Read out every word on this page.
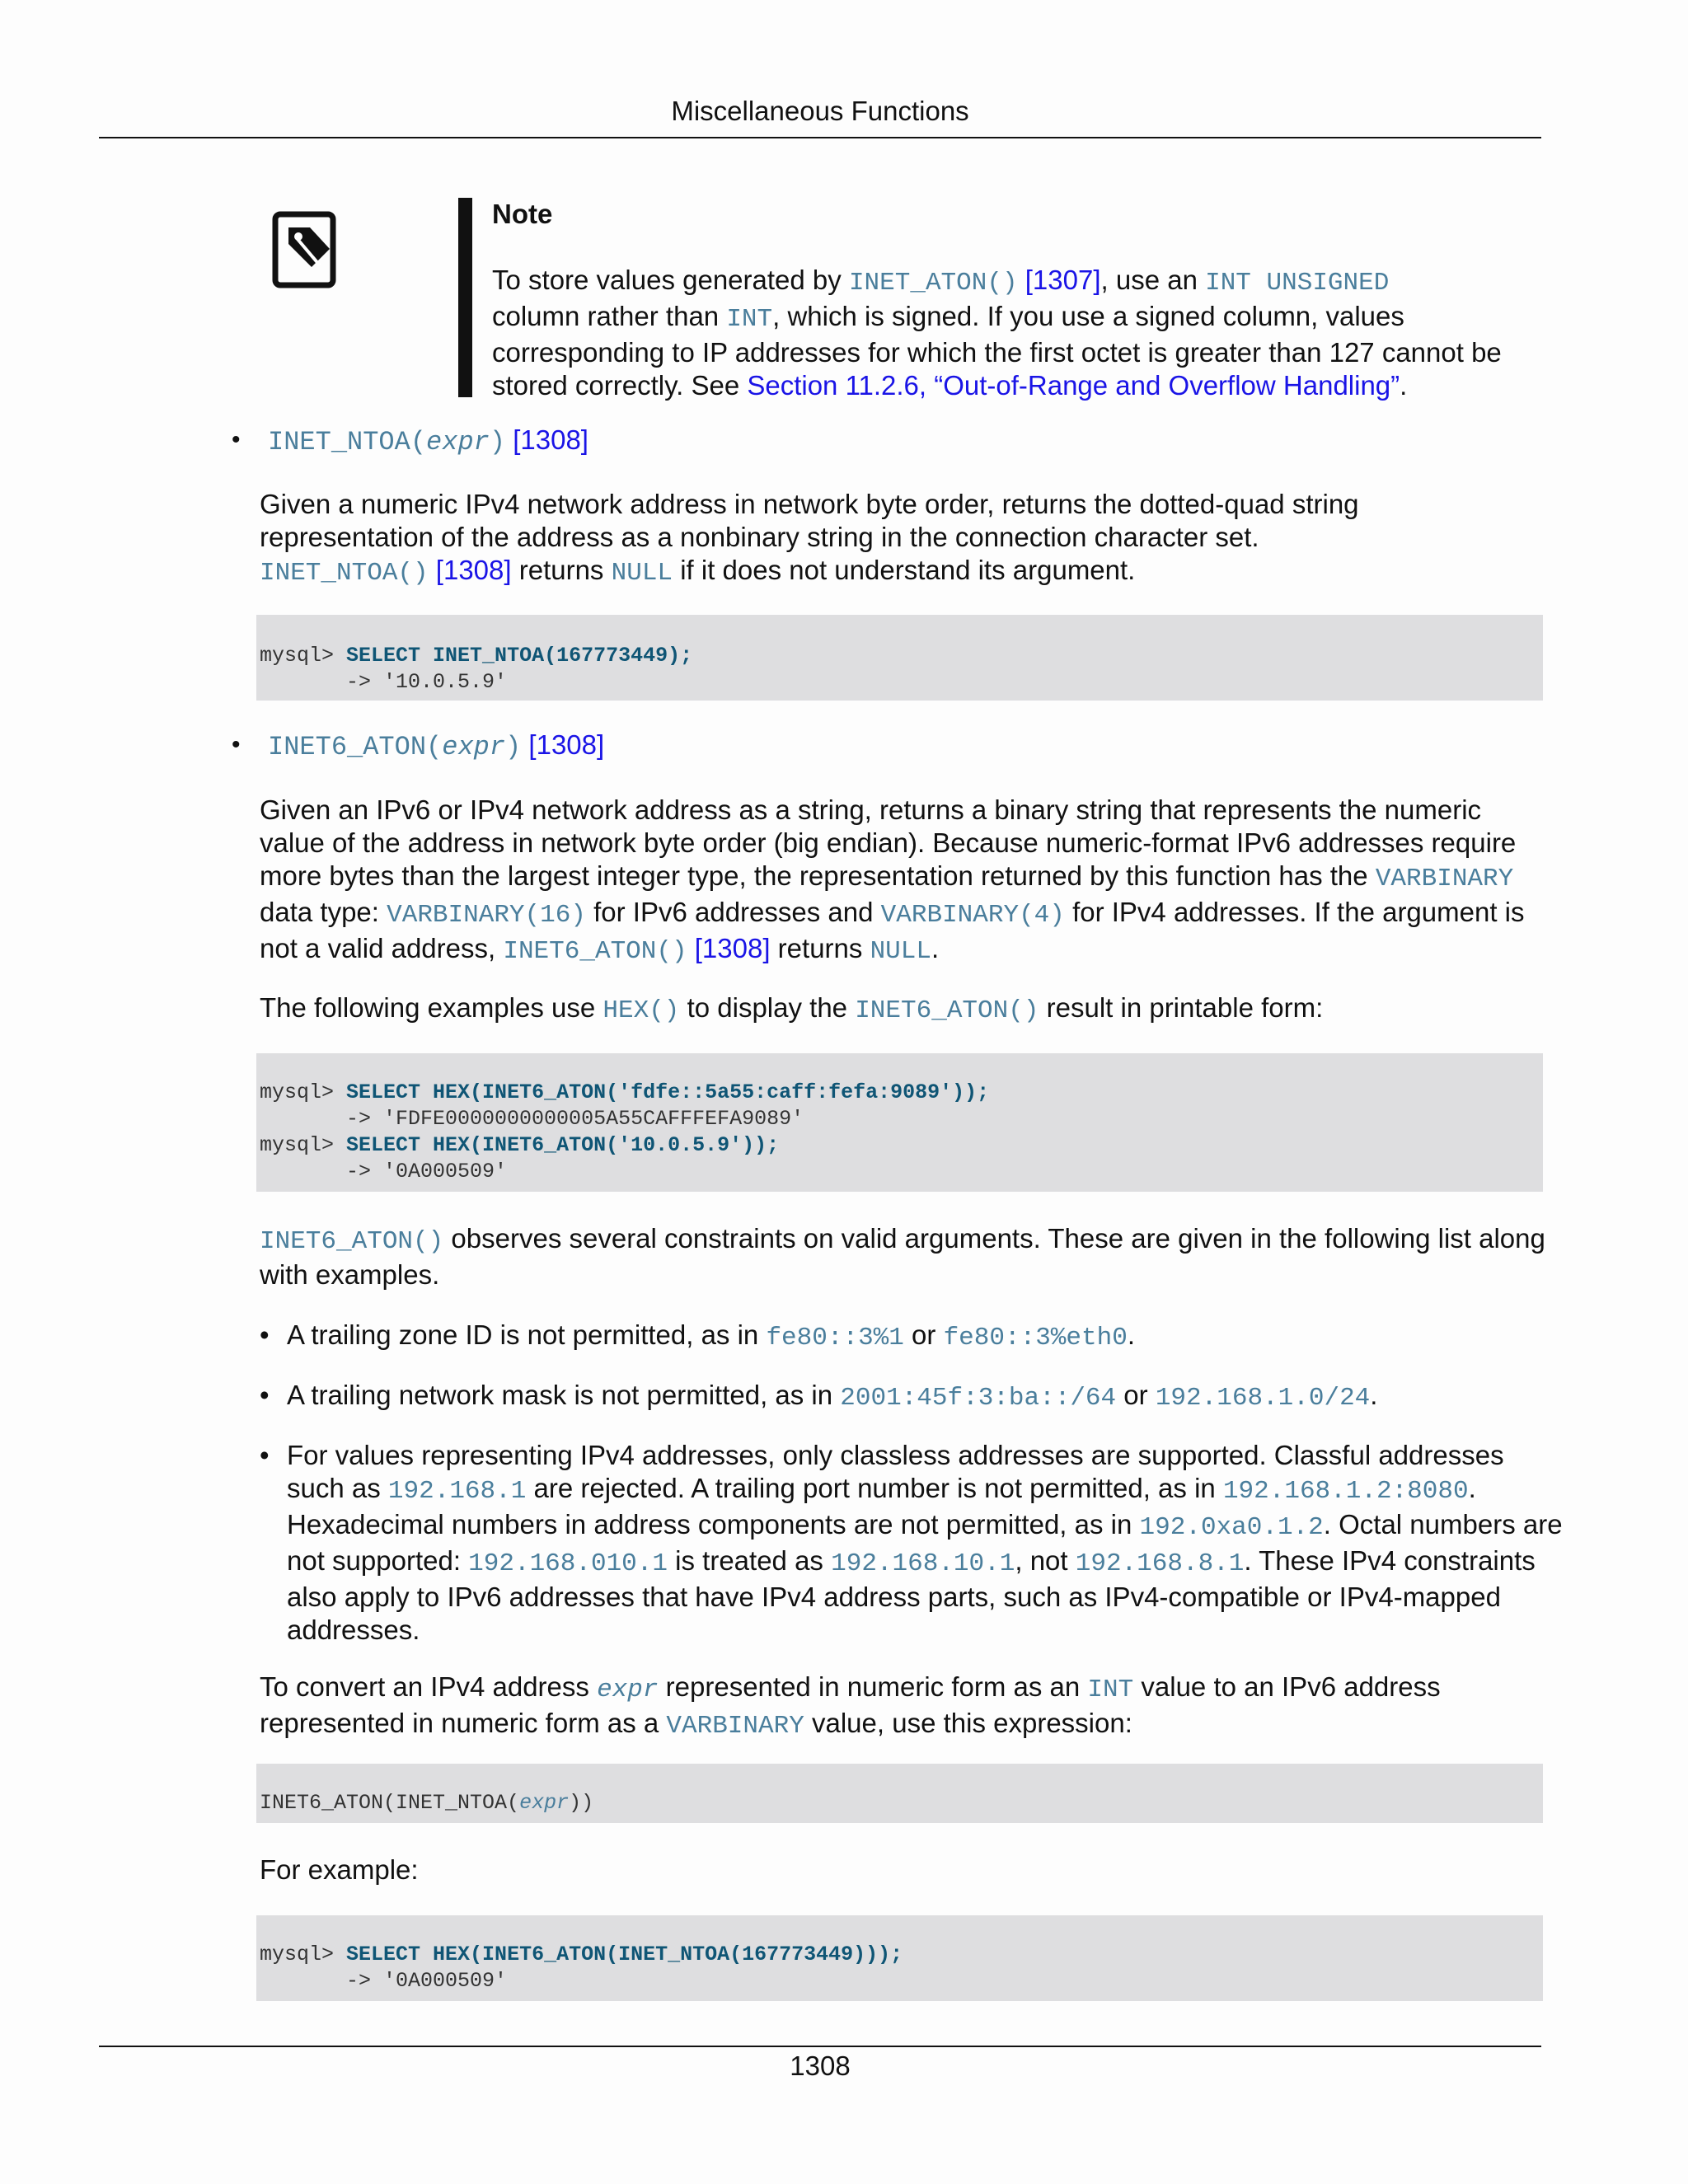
Miscellaneous Functions
Note
To store values generated by INET_ATON() [1307], use an INT UNSIGNED
column rather than INT, which is signed. If you use a signed column, values corresponding to IP addresses for which the first octet is greater than 127 cannot be stored correctly. See Section 11.2.6, “Out-of-Range and Overflow Handling”.
• INET_NTOA(expr) [1308]
Given a numeric IPv4 network address in network byte order, returns the dotted-quad string representation of the address as a nonbinary string in the connection character set.
INET_NTOA() [1308] returns NULL if it does not understand its argument.
mysql> SELECT INET_NTOA(167773449);
-> '10.0.5.9'
• INET6_ATON(expr) [1308]
Given an IPv6 or IPv4 network address as a string, returns a binary string that represents the numeric value of the address in network byte order (big endian). Because numeric-format IPv6 addresses require more bytes than the largest integer type, the representation returned by this function has the VARBINARY data type: VARBINARY(16) for IPv6 addresses and VARBINARY(4) for IPv4 addresses. If the argument is not a valid address, INET6_ATON() [1308] returns NULL.
The following examples use HEX() to display the INET6_ATON() result in printable form:
mysql> SELECT HEX(INET6_ATON('fdfe::5a55:caff:fefa:9089'));
-> 'FDFE0000000000005A55CAFFFEFA9089'
mysql> SELECT HEX(INET6_ATON('10.0.5.9'));
-> '0A000509'
INET6_ATON() observes several constraints on valid arguments. These are given in the following list along with examples.
• A trailing zone ID is not permitted, as in fe80::3%1 or fe80::3%eth0.
• A trailing network mask is not permitted, as in 2001:45f:3:ba::/64 or 192.168.1.0/24.
• For values representing IPv4 addresses, only classless addresses are supported. Classful addresses such as 192.168.1 are rejected. A trailing port number is not permitted, as in 192.168.1.2:8080. Hexadecimal numbers in address components are not permitted, as in 192.0xa0.1.2. Octal numbers are not supported: 192.168.010.1 is treated as 192.168.10.1, not 192.168.8.1. These IPv4 constraints also apply to IPv6 addresses that have IPv4 address parts, such as IPv4-compatible or IPv4-mapped addresses.
To convert an IPv4 address expr represented in numeric form as an INT value to an IPv6 address represented in numeric form as a VARBINARY value, use this expression:
INET6_ATON(INET_NTOA(expr))
For example:
mysql> SELECT HEX(INET6_ATON(INET_NTOA(167773449)));
-> '0A000509'
1308
